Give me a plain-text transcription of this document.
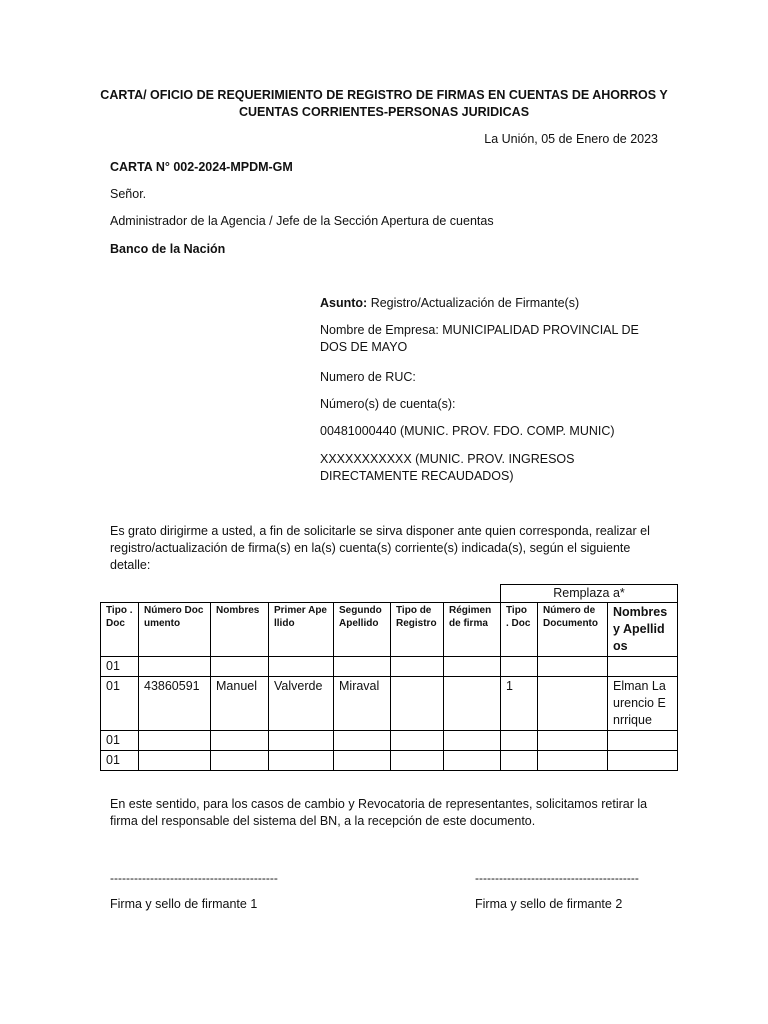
CARTA/ OFICIO DE REQUERIMIENTO DE REGISTRO DE FIRMAS EN CUENTAS DE AHORROS Y CUENTAS CORRIENTES-PERSONAS JURIDICAS

La Unión, 05 de Enero de 2023

CARTA N° 002-2024-MPDM-GM

Señor.

Administrador de la Agencia / Jefe de la Sección Apertura de cuentas

Banco de la Nación

Asunto: Registro/Actualización de Firmante(s)

Nombre de Empresa: MUNICIPALIDAD PROVINCIAL DE DOS DE MAYO

Numero de RUC:

Número(s) de cuenta(s):

00481000440 (MUNIC. PROV. FDO. COMP. MUNIC)

XXXXXXXXXXX (MUNIC. PROV. INGRESOS DIRECTAMENTE RECAUDADOS)

Es grato dirigirme a usted, a fin de solicitarle se sirva disponer ante quien corresponda, realizar el registro/actualización de firma(s) en la(s) cuenta(s) corriente(s) indicada(s), según el siguiente detalle:

							Remplaza a*		
Tipo . Doc	Número Documento	Nombres	Primer Apellido	Segundo Apellido	Tipo de Registro	Régimen de firma	Tipo . Doc	Número de Documento	Nombres y Apellidos
01									
01	43860591	Manuel	Valverde	Miraval			1		Elman Laurencio Enrrique
01									
01									

En este sentido, para los casos de cambio y Revocatoria de representantes, solicitamos retirar la firma del responsable del sistema del BN, a la recepción de este documento.

------------------------------------------	-----------------------------------------

Firma y sello de firmante 1	Firma y sello de firmante 2
